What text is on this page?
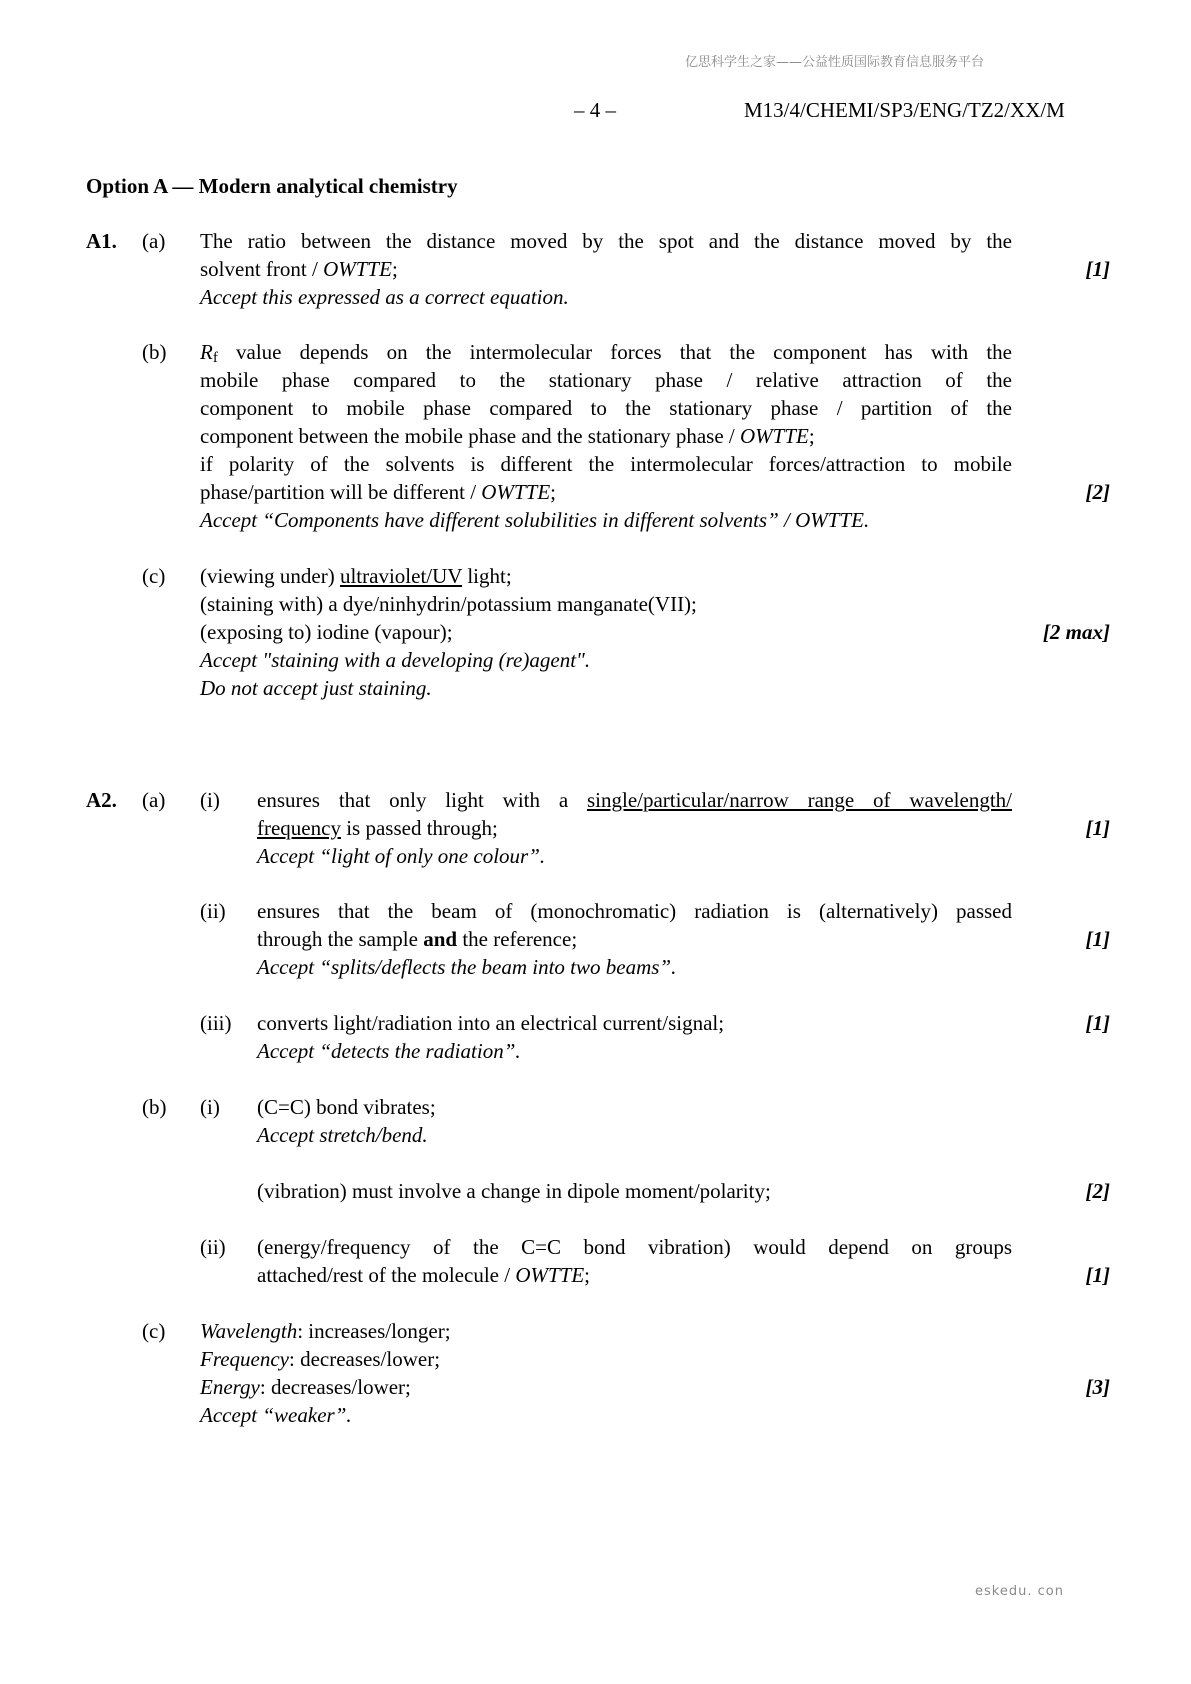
亿思科学生之家——公益性质国际教育信息服务平台
– 4 –	M13/4/CHEMI/SP3/ENG/TZ2/XX/M
Option A — Modern analytical chemistry
A1. (a) The ratio between the distance moved by the spot and the distance moved by the
solvent front / OWTTE;
Accept this expressed as a correct equation.
[1]
(b) $R_f$ value depends on the intermolecular forces that the component has with the
mobile phase compared to the stationary phase / relative attraction of the
component to mobile phase compared to the stationary phase / partition of the
component between the mobile phase and the stationary phase / OWTTE;
if polarity of the solvents is different the intermolecular forces/attraction to mobile
phase/partition will be different / OWTTE;
Accept “Components have different solubilities in different solvents” / OWTTE.
[2]
(c) (viewing under) ultraviolet/UV light;
(staining with) a dye/ninhydrin/potassium manganate(VII);
(exposing to) iodine (vapour);
Accept "staining with a developing (re)agent".
Do not accept just staining.
[2 max]
A2. (a) (i) ensures that only light with a single/particular/narrow range of wavelength/
frequency is passed through;
Accept “light of only one colour”.
[1]
(ii) ensures that the beam of (monochromatic) radiation is (alternatively) passed
through the sample and the reference;
Accept “splits/deflects the beam into two beams”.
[1]
(iii) converts light/radiation into an electrical current/signal;
Accept “detects the radiation”.
[1]
(b) (i) (C=C) bond vibrates;
Accept stretch/bend.
(vibration) must involve a change in dipole moment/polarity;	[2]
(ii) (energy/frequency of the C=C bond vibration) would depend on groups
attached/rest of the molecule / OWTTE;	[1]
(c) Wavelength: increases/longer;
Frequency: decreases/lower;
Energy: decreases/lower;
Accept “weaker”.
[3]
eskedu. con
